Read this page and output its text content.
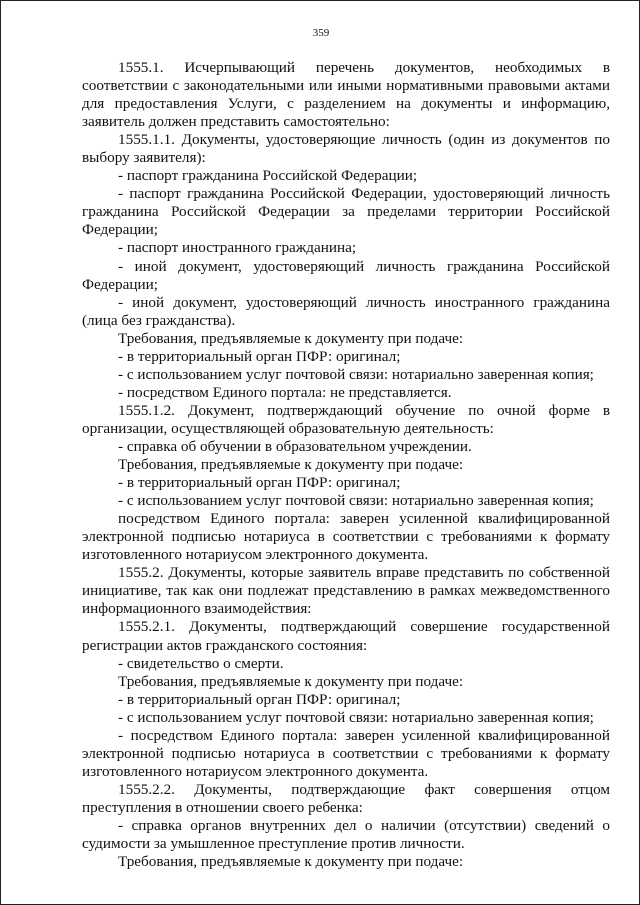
359
1555.1. Исчерпывающий перечень документов, необходимых в
соответствии с законодательными или иными нормативными правовыми актами
для предоставления Услуги, с разделением на документы и информацию,
заявитель должен представить самостоятельно:
1555.1.1. Документы, удостоверяющие личность (один из документов по
выбору заявителя):
- паспорт гражданина Российской Федерации;
- паспорт гражданина Российской Федерации, удостоверяющий личность
гражданина Российской Федерации за пределами территории Российской
Федерации;
- паспорт иностранного гражданина;
- иной документ, удостоверяющий личность гражданина Российской
Федерации;
- иной документ, удостоверяющий личность иностранного гражданина
(лица без гражданства).
Требования, предъявляемые к документу при подаче:
- в территориальный орган ПФР: оригинал;
- с использованием услуг почтовой связи: нотариально заверенная копия;
- посредством Единого портала: не представляется.
1555.1.2. Документ, подтверждающий обучение по очной форме в
организации, осуществляющей образовательную деятельность:
- справка об обучении в образовательном учреждении.
Требования, предъявляемые к документу при подаче:
- в территориальный орган ПФР: оригинал;
- с использованием услуг почтовой связи: нотариально заверенная копия;
посредством Единого портала: заверен усиленной квалифицированной
электронной подписью нотариуса в соответствии с требованиями к формату
изготовленного нотариусом электронного документа.
1555.2. Документы, которые заявитель вправе представить по собственной
инициативе, так как они подлежат представлению в рамках межведомственного
информационного взаимодействия:
1555.2.1. Документы, подтверждающий совершение государственной
регистрации актов гражданского состояния:
- свидетельство о смерти.
Требования, предъявляемые к документу при подаче:
- в территориальный орган ПФР: оригинал;
- с использованием услуг почтовой связи: нотариально заверенная копия;
- посредством Единого портала: заверен усиленной квалифицированной
электронной подписью нотариуса в соответствии с требованиями к формату
изготовленного нотариусом электронного документа.
1555.2.2. Документы, подтверждающие факт совершения отцом
преступления в отношении своего ребенка:
- справка органов внутренних дел о наличии (отсутствии) сведений о
судимости за умышленное преступление против личности.
Требования, предъявляемые к документу при подаче:
